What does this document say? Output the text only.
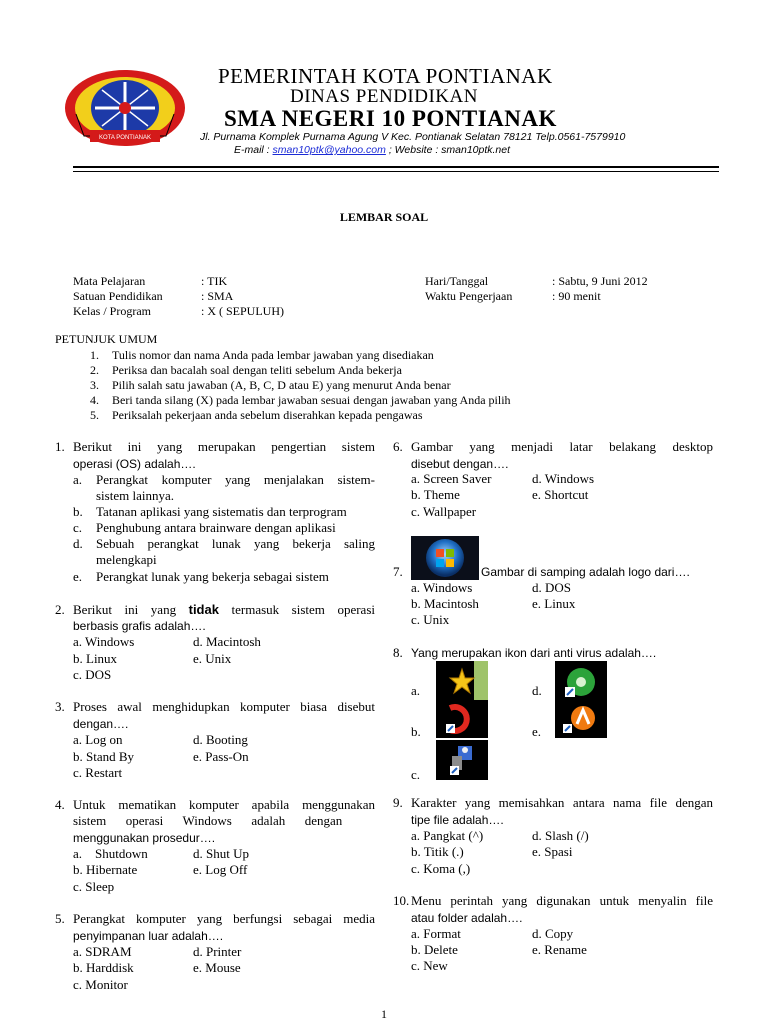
KOTA PONTIANAK
PEMERINTAH KOTA PONTIANAK
DINAS PENDIDIKAN
SMA NEGERI 10 PONTIANAK
Jl. Purnama Komplek Purnama Agung V Kec. Pontianak Selatan 78121 Telp.0561-7579910
E-mail : sman10ptk@yahoo.com ; Website : sman10ptk.net
LEMBAR SOAL
Mata Pelajaran	: TIK
Satuan Pendidikan	: SMA
Kelas / Program	: X ( SEPULUH)
Hari/Tanggal	: Sabtu, 9 Juni 2012
Waktu Pengerjaan	: 90 menit
PETUNJUK UMUM
1. Tulis nomor dan nama Anda pada lembar jawaban yang disediakan
2. Periksa dan bacalah soal dengan teliti sebelum Anda bekerja
3. Pilih salah satu jawaban (A, B, C, D atau E) yang menurut Anda benar
4. Beri tanda silang (X) pada lembar jawaban sesuai dengan jawaban yang Anda pilih
5. Periksalah pekerjaan anda sebelum diserahkan kepada pengawas
1. Berikut ini yang merupakan pengertian sistem
operasi (OS) adalah….
a. Perangkat komputer yang menjalakan sistem-
sistem lainnya.
b. Tatanan aplikasi yang sistematis dan terprogram
c. Penghubung antara brainware dengan aplikasi
d. Sebuah perangkat lunak yang bekerja saling
melengkapi
e. Perangkat lunak yang bekerja sebagai sistem
2. Berikut ini yang tidak termasuk sistem operasi
berbasis grafis adalah….
a. Windows	d. Macintosh
b. Linux	e. Unix
c. DOS
3. Proses awal menghidupkan komputer biasa disebut
dengan….
a. Log on	d. Booting
b. Stand By	e. Pass-On
c. Restart
4. Untuk mematikan komputer apabila menggunakan
sistem      operasi      Windows      adalah      dengan
menggunakan prosedur….
a.    Shutdown	d. Shut Up
b. Hibernate	e. Log Off
c. Sleep
5. Perangkat komputer yang berfungsi sebagai media
penyimpanan luar adalah….
a. SDRAM	d. Printer
b. Harddisk	e. Mouse
c. Monitor
6. Gambar yang menjadi latar belakang desktop
disebut dengan….
a. Screen Saver	d. Windows
b. Theme	e. Shortcut
c. Wallpaper
7.	Gambar di samping adalah logo dari….
a. Windows	d. DOS
b. Macintosh	e. Linux
c. Unix
8. Yang merupakan ikon dari anti virus adalah….
a.	d.
b.	e.
c.
9. Karakter yang memisahkan antara nama file dengan
tipe file adalah….
a. Pangkat (^)	d. Slash (/)
b. Titik (.)	e. Spasi
c. Koma (,)
10. Menu perintah yang digunakan untuk menyalin file
atau folder adalah….
a. Format	d. Copy
b. Delete	e. Rename
c. New
1
